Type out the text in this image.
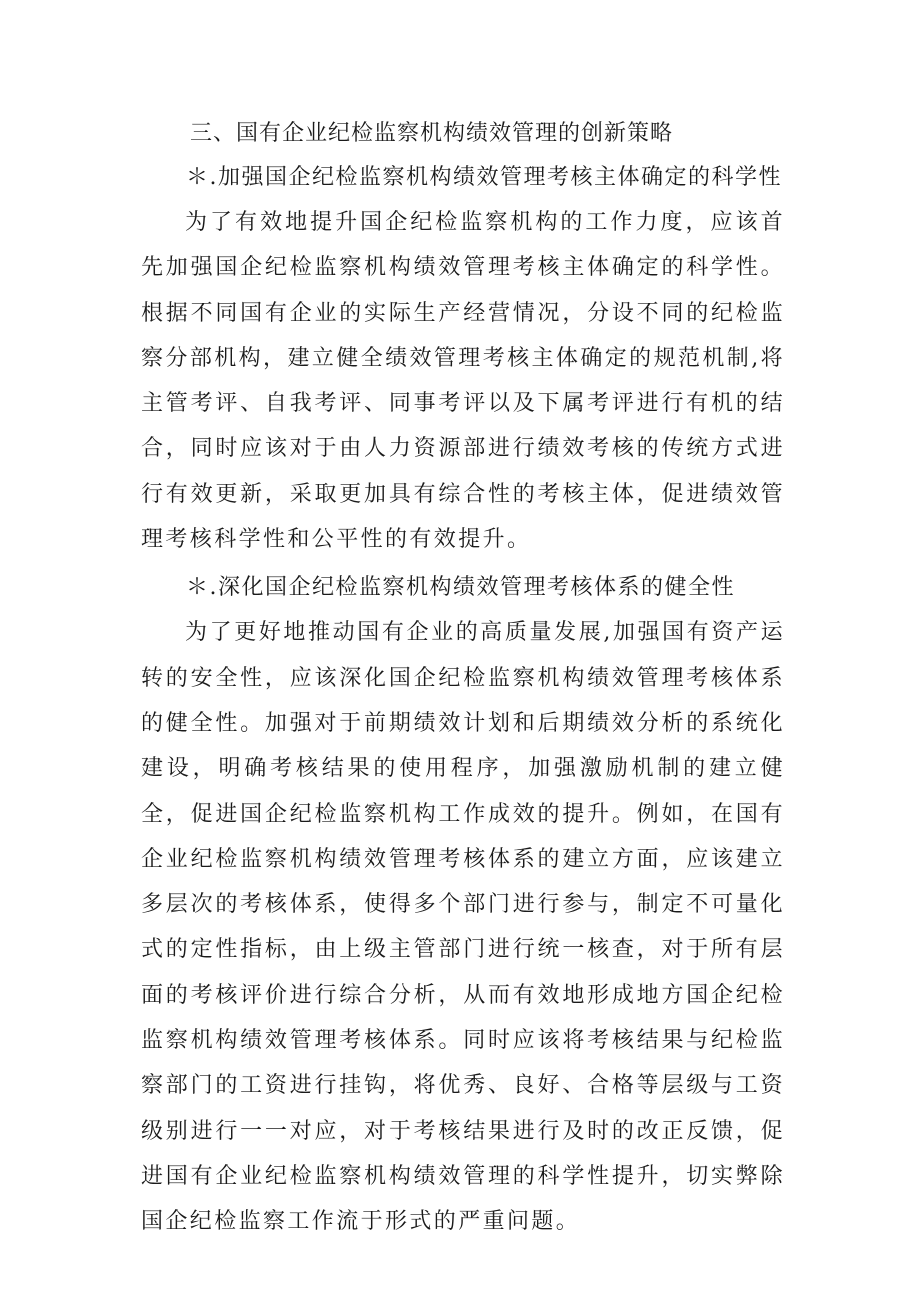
三、国有企业纪检监察机构绩效管理的创新策略

＊.加强国企纪检监察机构绩效管理考核主体确定的科学性

为了有效地提升国企纪检监察机构的工作力度，应该首先加强国企纪检监察机构绩效管理考核主体确定的科学性。根据不同国有企业的实际生产经营情况，分设不同的纪检监察分部机构，建立健全绩效管理考核主体确定的规范机制,将主管考评、自我考评、同事考评以及下属考评进行有机的结合，同时应该对于由人力资源部进行绩效考核的传统方式进行有效更新，采取更加具有综合性的考核主体，促进绩效管理考核科学性和公平性的有效提升。

＊.深化国企纪检监察机构绩效管理考核体系的健全性

为了更好地推动国有企业的高质量发展,加强国有资产运转的安全性，应该深化国企纪检监察机构绩效管理考核体系的健全性。加强对于前期绩效计划和后期绩效分析的系统化建设，明确考核结果的使用程序，加强激励机制的建立健全，促进国企纪检监察机构工作成效的提升。例如，在国有企业纪检监察机构绩效管理考核体系的建立方面，应该建立多层次的考核体系，使得多个部门进行参与，制定不可量化式的定性指标，由上级主管部门进行统一核查，对于所有层面的考核评价进行综合分析，从而有效地形成地方国企纪检监察机构绩效管理考核体系。同时应该将考核结果与纪检监察部门的工资进行挂钩，将优秀、良好、合格等层级与工资级别进行一一对应，对于考核结果进行及时的改正反馈，促进国有企业纪检监察机构绩效管理的科学性提升，切实弊除国企纪检监察工作流于形式的严重问题。
